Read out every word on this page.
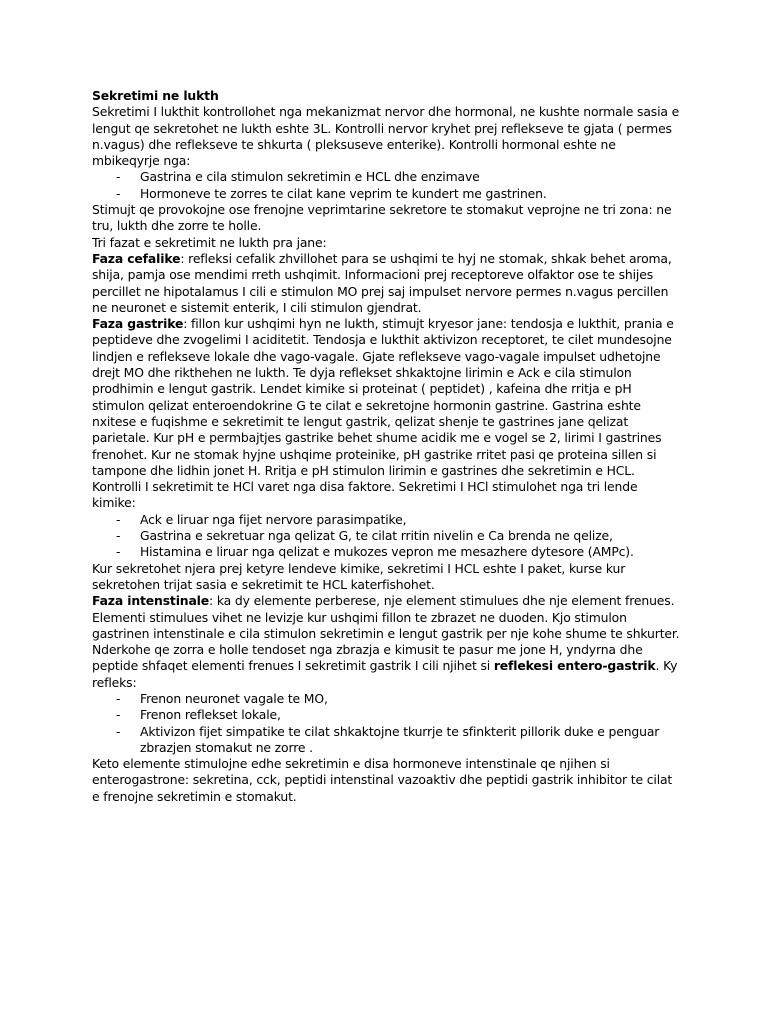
Sekretimi ne lukth

Sekretimi I lukthit kontrollohet nga mekanizmat nervor dhe hormonal, ne kushte normale sasia e lengut qe sekretohet ne lukth eshte 3L. Kontrolli nervor kryhet prej reflekseve te gjata ( permes n.vagus) dhe reflekseve te shkurta ( pleksuseve enterike). Kontrolli hormonal eshte ne mbikeqyrje nga:

- Gastrina e cila stimulon sekretimin e HCL dhe enzimave
- Hormoneve te zorres te cilat kane veprim te kundert me gastrinen.

Stimujt qe provokojne ose frenojne veprimtarine sekretore te stomakut veprojne ne tri zona: ne tru, lukth dhe zorre te holle.

Tri fazat e sekretimit ne lukth pra jane:

Faza cefalike: refleksi cefalik zhvillohet para se ushqimi te hyj ne stomak, shkak behet aroma, shija, pamja ose mendimi rreth ushqimit. Informacioni prej receptoreve olfaktor ose te shijes percillet ne hipotalamus I cili e stimulon MO prej saj impulset nervore permes n.vagus percillen ne neuronet e sistemit enterik, I cili stimulon gjendrat.

Faza gastrike: fillon kur ushqimi hyn ne lukth, stimujt kryesor jane: tendosja e lukthit, prania e peptideve dhe zvogelimi I aciditetit. Tendosja e lukthit aktivizon receptoret, te cilet mundesojne lindjen e reflekseve lokale dhe vago-vagale. Gjate reflekseve vago-vagale impulset udhetojne drejt MO dhe rikthehen ne lukth. Te dyja reflekset shkaktojne lirimin e Ack e cila stimulon prodhimin e lengut gastrik. Lendet kimike si proteinat ( peptidet) , kafeina dhe rritja e pH stimulon qelizat enteroendokrine G te cilat e sekretojne hormonin gastrine. Gastrina eshte nxitese e fuqishme e sekretimit te lengut gastrik, qelizat shenje te gastrines jane qelizat parietale. Kur pH e permbajtjes gastrike behet shume acidik me e vogel se 2, lirimi I gastrines frenohet. Kur ne stomak hyjne ushqime proteinike, pH gastrike rritet pasi qe proteina sillen si tampone dhe lidhin jonet H. Rritja e pH stimulon lirimin e gastrines dhe sekretimin e HCL.

Kontrolli I sekretimit te HCl varet nga disa faktore. Sekretimi I HCl stimulohet nga tri lende kimike:

- Ack e liruar nga fijet nervore parasimpatike,
- Gastrina e sekretuar nga qelizat G, te cilat rritin nivelin e Ca brenda ne qelize,
- Histamina e liruar nga qelizat e mukozes vepron me mesazhere dytesore (AMPc).

Kur sekretohet njera prej ketyre lendeve kimike, sekretimi I HCL eshte I paket, kurse kur sekretohen trijat sasia e sekretimit te HCL katerfishohet.

Faza intenstinale: ka dy elemente perberese, nje element stimulues dhe nje element frenues. Elementi stimulues vihet ne levizje kur ushqimi fillon te zbrazet ne duoden. Kjo stimulon gastrinen intenstinale e cila stimulon sekretimin e lengut gastrik per nje kohe shume te shkurter. Nderkohe qe zorra e holle tendoset nga zbrazja e kimusit te pasur me jone H, yndyrna dhe peptide shfaqet elementi frenues I sekretimit gastrik I cili njihet si reflekesi entero-gastrik. Ky refleks:

- Frenon neuronet vagale te MO,
- Frenon reflekset lokale,
- Aktivizon fijet simpatike te cilat shkaktojne tkurrje te sfinkterit pillorik duke e penguar zbrazjen stomakut ne zorre .

Keto elemente stimulojne edhe sekretimin e disa hormoneve intenstinale qe njihen si enterogastrone: sekretina, cck, peptidi intenstinal vazoaktiv dhe peptidi gastrik inhibitor te cilat e frenojne sekretimin e stomakut.
